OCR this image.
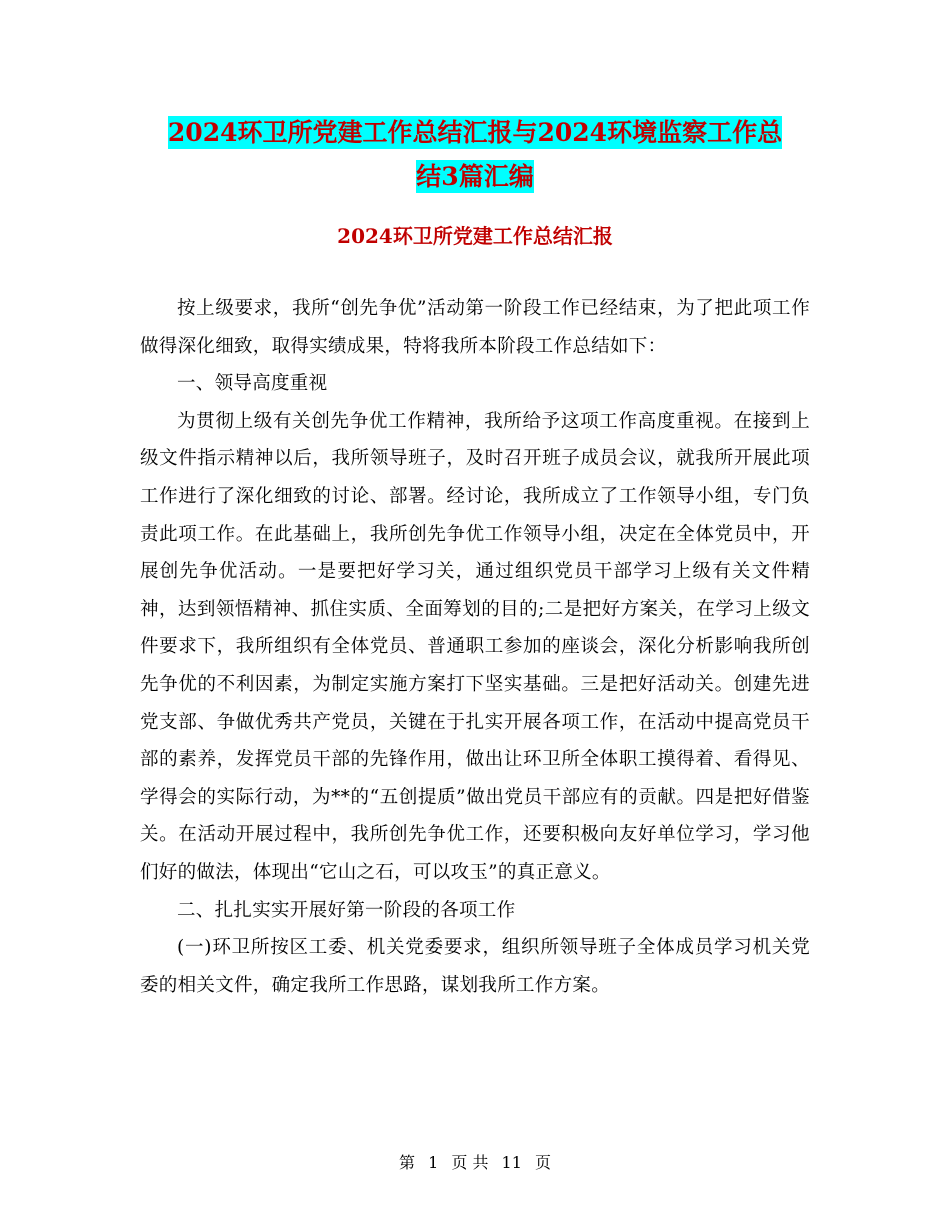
2024环卫所党建工作总结汇报与2024环境监察工作总
结3篇汇编
2024环卫所党建工作总结汇报

按上级要求，我所“创先争优”活动第一阶段工作已经结束，为了把此项工作做得深化细致，取得实绩成果，特将我所本阶段工作总结如下：

一、领导高度重视

为贯彻上级有关创先争优工作精神，我所给予这项工作高度重视。在接到上级文件指示精神以后，我所领导班子，及时召开班子成员会议，就我所开展此项工作进行了深化细致的讨论、部署。经讨论，我所成立了工作领导小组，专门负责此项工作。在此基础上，我所创先争优工作领导小组，决定在全体党员中，开展创先争优活动。一是要把好学习关，通过组织党员干部学习上级有关文件精神，达到领悟精神、抓住实质、全面筹划的目的;二是把好方案关，在学习上级文件要求下，我所组织有全体党员、普通职工参加的座谈会，深化分析影响我所创先争优的不利因素，为制定实施方案打下坚实基础。三是把好活动关。创建先进党支部、争做优秀共产党员，关键在于扎实开展各项工作，在活动中提高党员干部的素养，发挥党员干部的先锋作用，做出让环卫所全体职工摸得着、看得见、学得会的实际行动，为**的“五创提质”做出党员干部应有的贡献。四是把好借鉴关。在活动开展过程中，我所创先争优工作，还要积极向友好单位学习，学习他们好的做法，体现出“它山之石，可以攻玉”的真正意义。

二、扎扎实实开展好第一阶段的各项工作

(一)环卫所按区工委、机关党委要求，组织所领导班子全体成员学习机关党委的相关文件，确定我所工作思路，谋划我所工作方案。

第 1 页 共 11 页
